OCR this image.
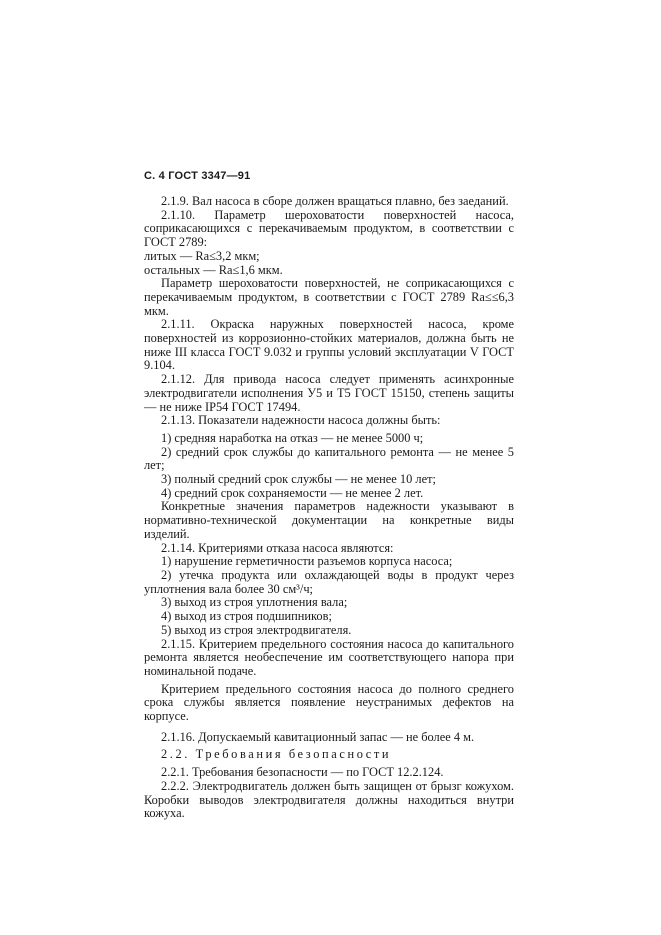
С. 4 ГОСТ 3347—91

2.1.9. Вал насоса в сборе должен вращаться плавно, без заеданий.

2.1.10. Параметр шероховатости поверхностей насоса, соприкасающихся с перекачиваемым продуктом, в соответствии с ГОСТ 2789:

литых — Ra≤3,2 мкм;

остальных — Ra≤1,6 мкм.

Параметр шероховатости поверхностей, не соприкасающихся с перекачиваемым продуктом, в соответствии с ГОСТ 2789 Ra≤≤6,3 мкм.

2.1.11. Окраска наружных поверхностей насоса, кроме поверхностей из коррозионно-стойких материалов, должна быть не ниже III класса ГОСТ 9.032 и группы условий эксплуатации V ГОСТ 9.104.

2.1.12. Для привода насоса следует применять асинхронные электродвигатели исполнения У5 и Т5 ГОСТ 15150, степень защиты — не ниже IP54 ГОСТ 17494.

2.1.13. Показатели надежности насоса должны быть:

1) средняя наработка на отказ — не менее 5000 ч;

2) средний срок службы до капитального ремонта — не менее 5 лет;

3) полный средний срок службы — не менее 10 лет;

4) средний срок сохраняемости — не менее 2 лет.

Конкретные значения параметров надежности указывают в нормативно-технической документации на конкретные виды изделий.

2.1.14. Критериями отказа насоса являются:

1) нарушение герметичности разъемов корпуса насоса;

2) утечка продукта или охлаждающей воды в продукт через уплотнения вала более 30 см³/ч;

3) выход из строя уплотнения вала;

4) выход из строя подшипников;

5) выход из строя электродвигателя.

2.1.15. Критерием предельного состояния насоса до капитального ремонта является необеспечение им соответствующего напора при номинальной подаче.

Критерием предельного состояния насоса до полного среднего срока службы является появление неустранимых дефектов на корпусе.

2.1.16. Допускаемый кавитационный запас — не более 4 м.

2.2. Требования безопасности

2.2.1. Требования безопасности — по ГОСТ 12.2.124.

2.2.2. Электродвигатель должен быть защищен от брызг кожухом. Коробки выводов электродвигателя должны находиться внутри кожуха.
